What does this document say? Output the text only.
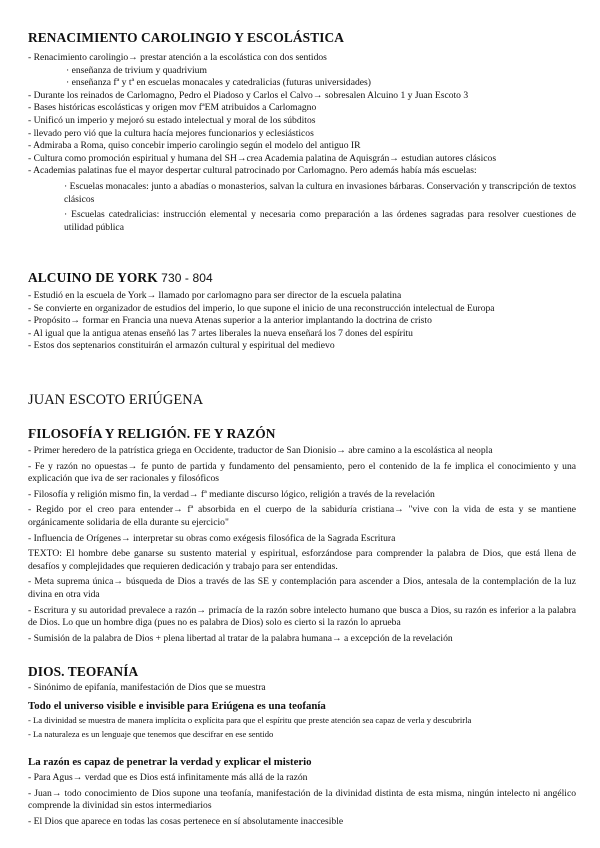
RENACIMIENTO CAROLINGIO Y ESCOLÁSTICA

- Renacimiento carolingio→ prestar atención a la escolástica con dos sentidos

· enseñanza de trivium y quadrivium

· enseñanza fª y tª en escuelas monacales y catedralicias (futuras universidades)

- Durante los reinados de Carlomagno, Pedro el Piadoso y Carlos el Calvo→ sobresalen Alcuino 1 y Juan Escoto 3

- Bases históricas escolásticas y origen mov fªEM atribuidos a Carlomagno

- Unificó un imperio y mejoró su estado intelectual y moral de los súbditos

- llevado pero vió que la cultura hacía mejores funcionarios y eclesiásticos

- Admiraba a Roma, quiso concebir imperio carolingio según el modelo del antiguo IR

- Cultura como promoción espiritual y humana del SH→crea Academia palatina de Aquisgrán→ estudian autores clásicos

- Academias palatinas fue el mayor despertar cultural patrocinado por Carlomagno. Pero además había más escuelas:

· Escuelas monacales: junto a abadías o monasterios, salvan la cultura en invasiones bárbaras. Conservación y transcripción de textos clásicos

· Escuelas catedralicias: instrucción elemental y necesaria como preparación a las órdenes sagradas para resolver cuestiones de utilidad pública

ALCUINO DE YORK 730 - 804

- Estudió en la escuela de York→ llamado por carlomagno para ser director de la escuela palatina

- Se convierte en organizador de estudios del imperio, lo que supone el inicio de una reconstrucción intelectual de Europa

- Propósito→ formar en Francia una nueva Atenas superior a la anterior implantando la doctrina de cristo

- Al igual que la antigua atenas enseñó las 7 artes liberales la nueva enseñará los 7 dones del espíritu

- Estos dos septenarios constituirán el armazón cultural y espiritual del medievo

JUAN ESCOTO ERIÚGENA
FILOSOFÍA Y RELIGIÓN. FE Y RAZÓN

- Primer heredero de la patrística griega en Occidente, traductor de San Dionisio→ abre camino a la escolástica al neopla

- Fe y razón no opuestas→ fe punto de partida y fundamento del pensamiento, pero el contenido de la fe implica el conocimiento y una explicación que iva de ser racionales y filosóficos

- Filosofía y religión mismo fin, la verdad→ fª mediante discurso lógico, religión a través de la revelación

- Regido por el creo para entender→ fª absorbida en el cuerpo de la sabiduría cristiana→ "vive con la vida de esta y se mantiene orgánicamente solidaria de ella durante su ejercicio"

- Influencia de Orígenes→ interpretar su obras como exégesis filosófica de la Sagrada Escritura

TEXTO: El hombre debe ganarse su sustento material y espiritual, esforzándose para comprender la palabra de Dios, que está llena de desafíos y complejidades que requieren dedicación y trabajo para ser entendidas.

- Meta suprema única→ búsqueda de Dios a través de las SE y contemplación para ascender a Dios, antesala de la contemplación de la luz divina en otra vida

- Escritura y su autoridad prevalece a razón→ primacía de la razón sobre intelecto humano que busca a Dios, su razón es inferior a la palabra de Dios. Lo que un hombre diga (pues no es palabra de Dios) solo es cierto si la razón lo aprueba

- Sumisión de la palabra de Dios + plena libertad al tratar de la palabra humana→ a excepción de la revelación

DIOS. TEOFANÍA

- Sinónimo de epifanía, manifestación de Dios que se muestra

Todo el universo visible e invisible para Eriúgena es una teofanía

- La divinidad se muestra de manera implícita o explícita para que el espíritu que preste atención sea capaz de verla y descubrirla

- La naturaleza es un lenguaje que tenemos que descifrar en ese sentido

La razón es capaz de penetrar la verdad y explicar el misterio

- Para Agus→ verdad que es Dios está infinitamente más allá de la razón

- Juan→ todo conocimiento de Dios supone una teofanía, manifestación de la divinidad distinta de esta misma, ningún intelecto ni angélico comprende la divinidad sin estos intermediarios

- El Dios que aparece en todas las cosas pertenece en sí absolutamente inaccesible
